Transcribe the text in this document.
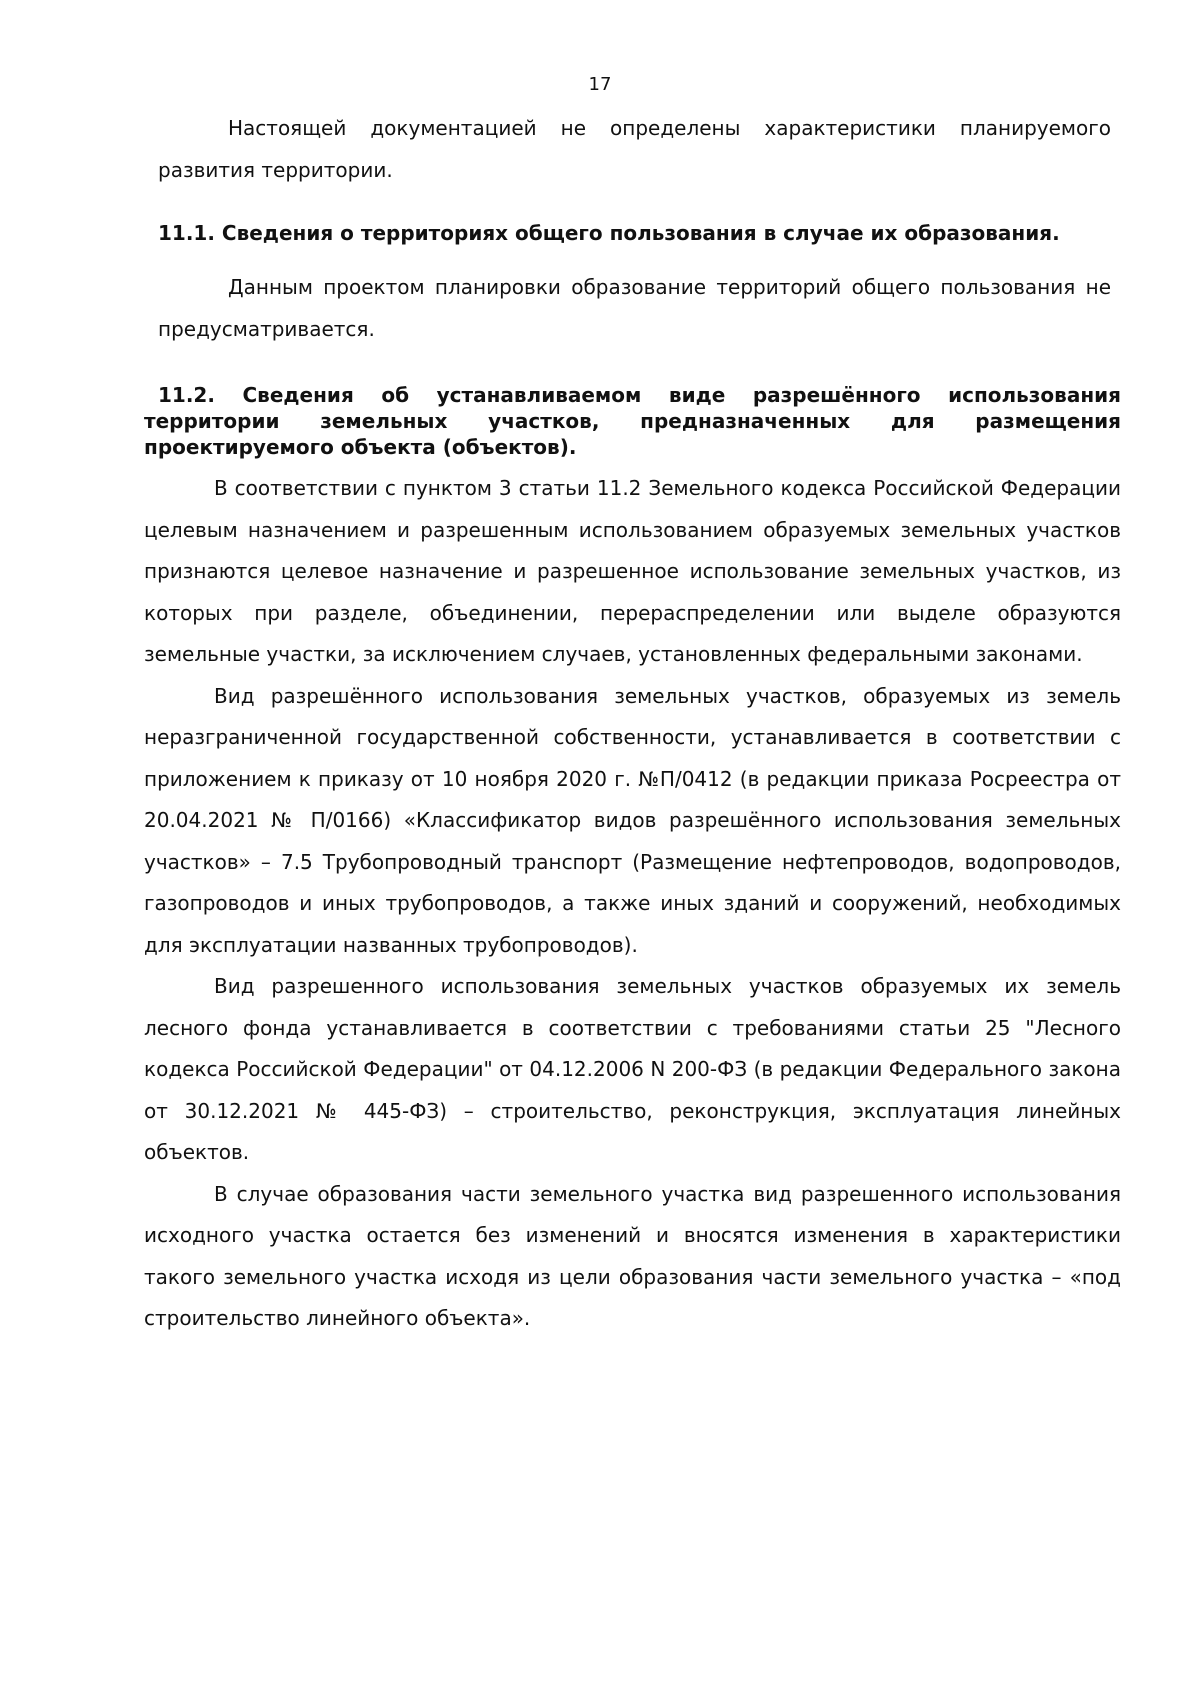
17

Настоящей документацией не определены характеристики планируемого развития территории.

11.1. Сведения о территориях общего пользования в случае их образования.

Данным проектом планировки образование территорий общего пользования не предусматривается.

11.2. Сведения об устанавливаемом виде разрешённого использования территории земельных участков, предназначенных для размещения проектируемого объекта (объектов).

В соответствии с пунктом 3 статьи 11.2 Земельного кодекса Российской Федерации целевым назначением и разрешенным использованием образуемых земельных участков признаются целевое назначение и разрешенное использование земельных участков, из которых при разделе, объединении, перераспределении или выделе образуются земельные участки, за исключением случаев, установленных федеральными законами.

Вид разрешённого использования земельных участков, образуемых из земель неразграниченной государственной собственности, устанавливается в соответствии с приложением к приказу от 10 ноября 2020 г. №П/0412 (в редакции приказа Росреестра от 20.04.2021 № П/0166) «Классификатор видов разрешённого использования земельных участков» – 7.5 Трубопроводный транспорт (Размещение нефтепроводов, водопроводов, газопроводов и иных трубопроводов, а также иных зданий и сооружений, необходимых для эксплуатации названных трубопроводов).

Вид разрешенного использования земельных участков образуемых их земель лесного фонда устанавливается в соответствии с требованиями статьи 25 "Лесного кодекса Российской Федерации" от 04.12.2006 N 200-ФЗ (в редакции Федерального закона от 30.12.2021 № 445-ФЗ) – строительство, реконструкция, эксплуатация линейных объектов.

В случае образования части земельного участка вид разрешенного использования исходного участка остается без изменений и вносятся изменения в характеристики такого земельного участка исходя из цели образования части земельного участка – «под строительство линейного объекта».
